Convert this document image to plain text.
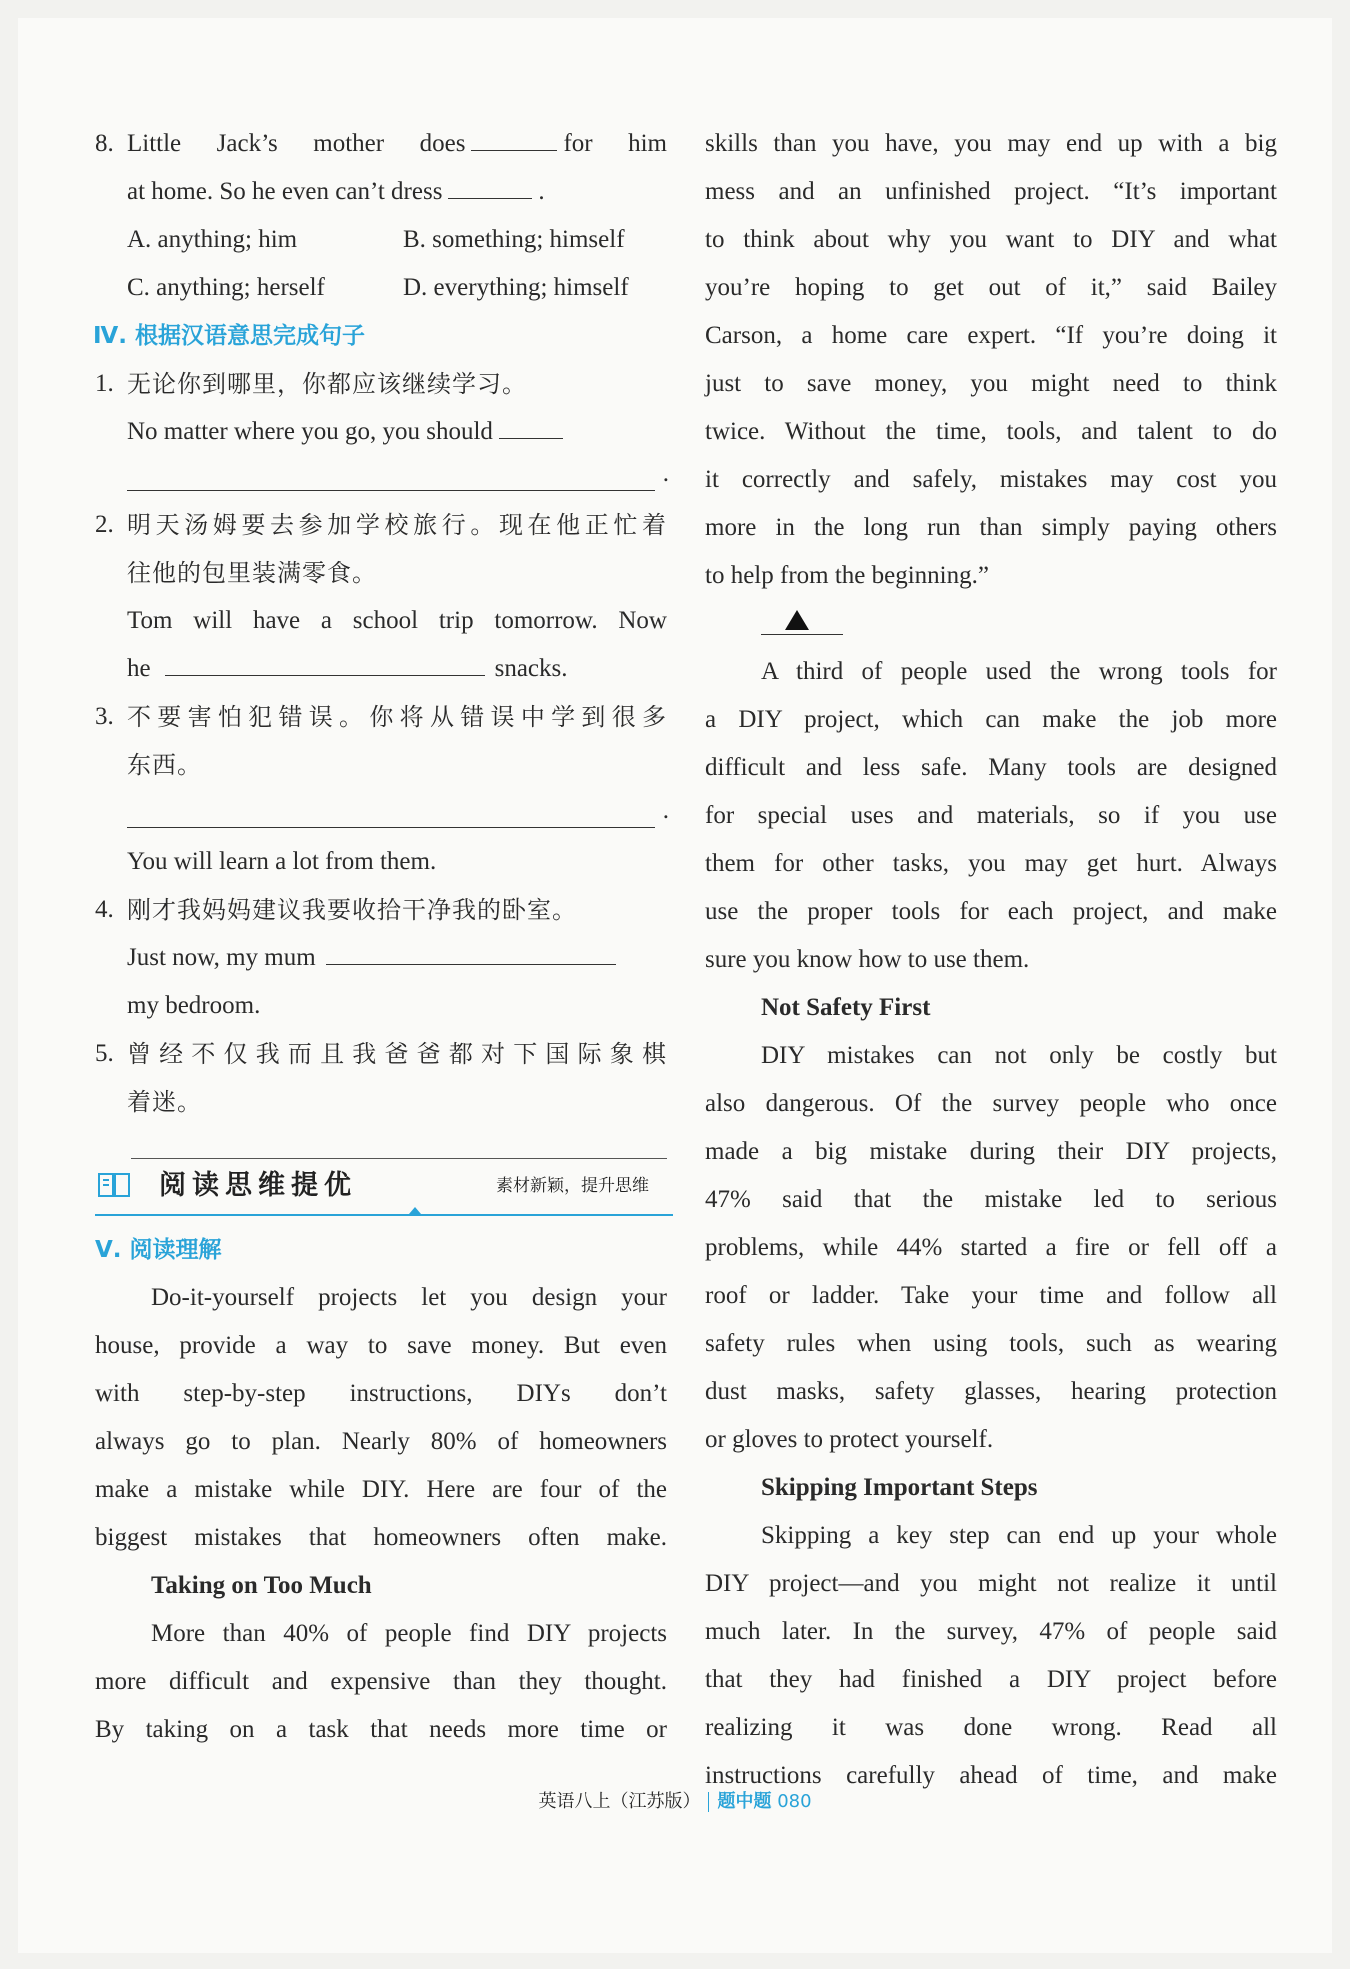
8. Little Jack’s mother does	for him
at home. So he even can’t dress	.
A. anything; him	B. something; himself
C. anything; herself	D. everything; himself
Ⅳ. 根据汉语意思完成句子
1. 无论你到哪里，你都应该继续学习。
No matter where you go, you should
.
2. 明天汤姆要去参加学校旅行。现在他正忙着
往他的包里装满零食。
Tom will have a school trip tomorrow. Now
he	snacks.
3. 不要害怕犯错误。你将从错误中学到很多
东西。
.
You will learn a lot from them.
4. 刚才我妈妈建议我要收拾干净我的卧室。
Just now, my mum
my bedroom.
5. 曾经不仅我而且我爸爸都对下国际象棋
着迷。
阅读思维提优	素材新颖，提升思维
Ⅴ. 阅读理解
Do-it-yourself projects let you design your
house, provide a way to save money. But even
with step-by-step instructions, DIYs don’t
always go to plan. Nearly 80% of homeowners
make a mistake while DIY. Here are four of the
biggest mistakes that homeowners often make.
Taking on Too Much
More than 40% of people find DIY projects
more difficult and expensive than they thought.
By taking on a task that needs more time or
skills than you have, you may end up with a big
mess and an unfinished project. “It’s important
to think about why you want to DIY and what
you’re hoping to get out of it,” said Bailey
Carson, a home care expert. “If you’re doing it
just to save money, you might need to think
twice. Without the time, tools, and talent to do
it correctly and safely, mistakes may cost you
more in the long run than simply paying others
to help from the beginning.”
A third of people used the wrong tools for
a DIY project, which can make the job more
difficult and less safe. Many tools are designed
for special uses and materials, so if you use
them for other tasks, you may get hurt. Always
use the proper tools for each project, and make
sure you know how to use them.
Not Safety First
DIY mistakes can not only be costly but
also dangerous. Of the survey people who once
made a big mistake during their DIY projects,
47% said that the mistake led to serious
problems, while 44% started a fire or fell off a
roof or ladder. Take your time and follow all
safety rules when using tools, such as wearing
dust masks, safety glasses, hearing protection
or gloves to protect yourself.
Skipping Important Steps
Skipping a key step can end up your whole
DIY project—and you might not realize it until
much later. In the survey, 47% of people said
that they had finished a DIY project before
realizing it was done wrong. Read all
instructions carefully ahead of time, and make
英语八上（江苏版） 题中题 080
